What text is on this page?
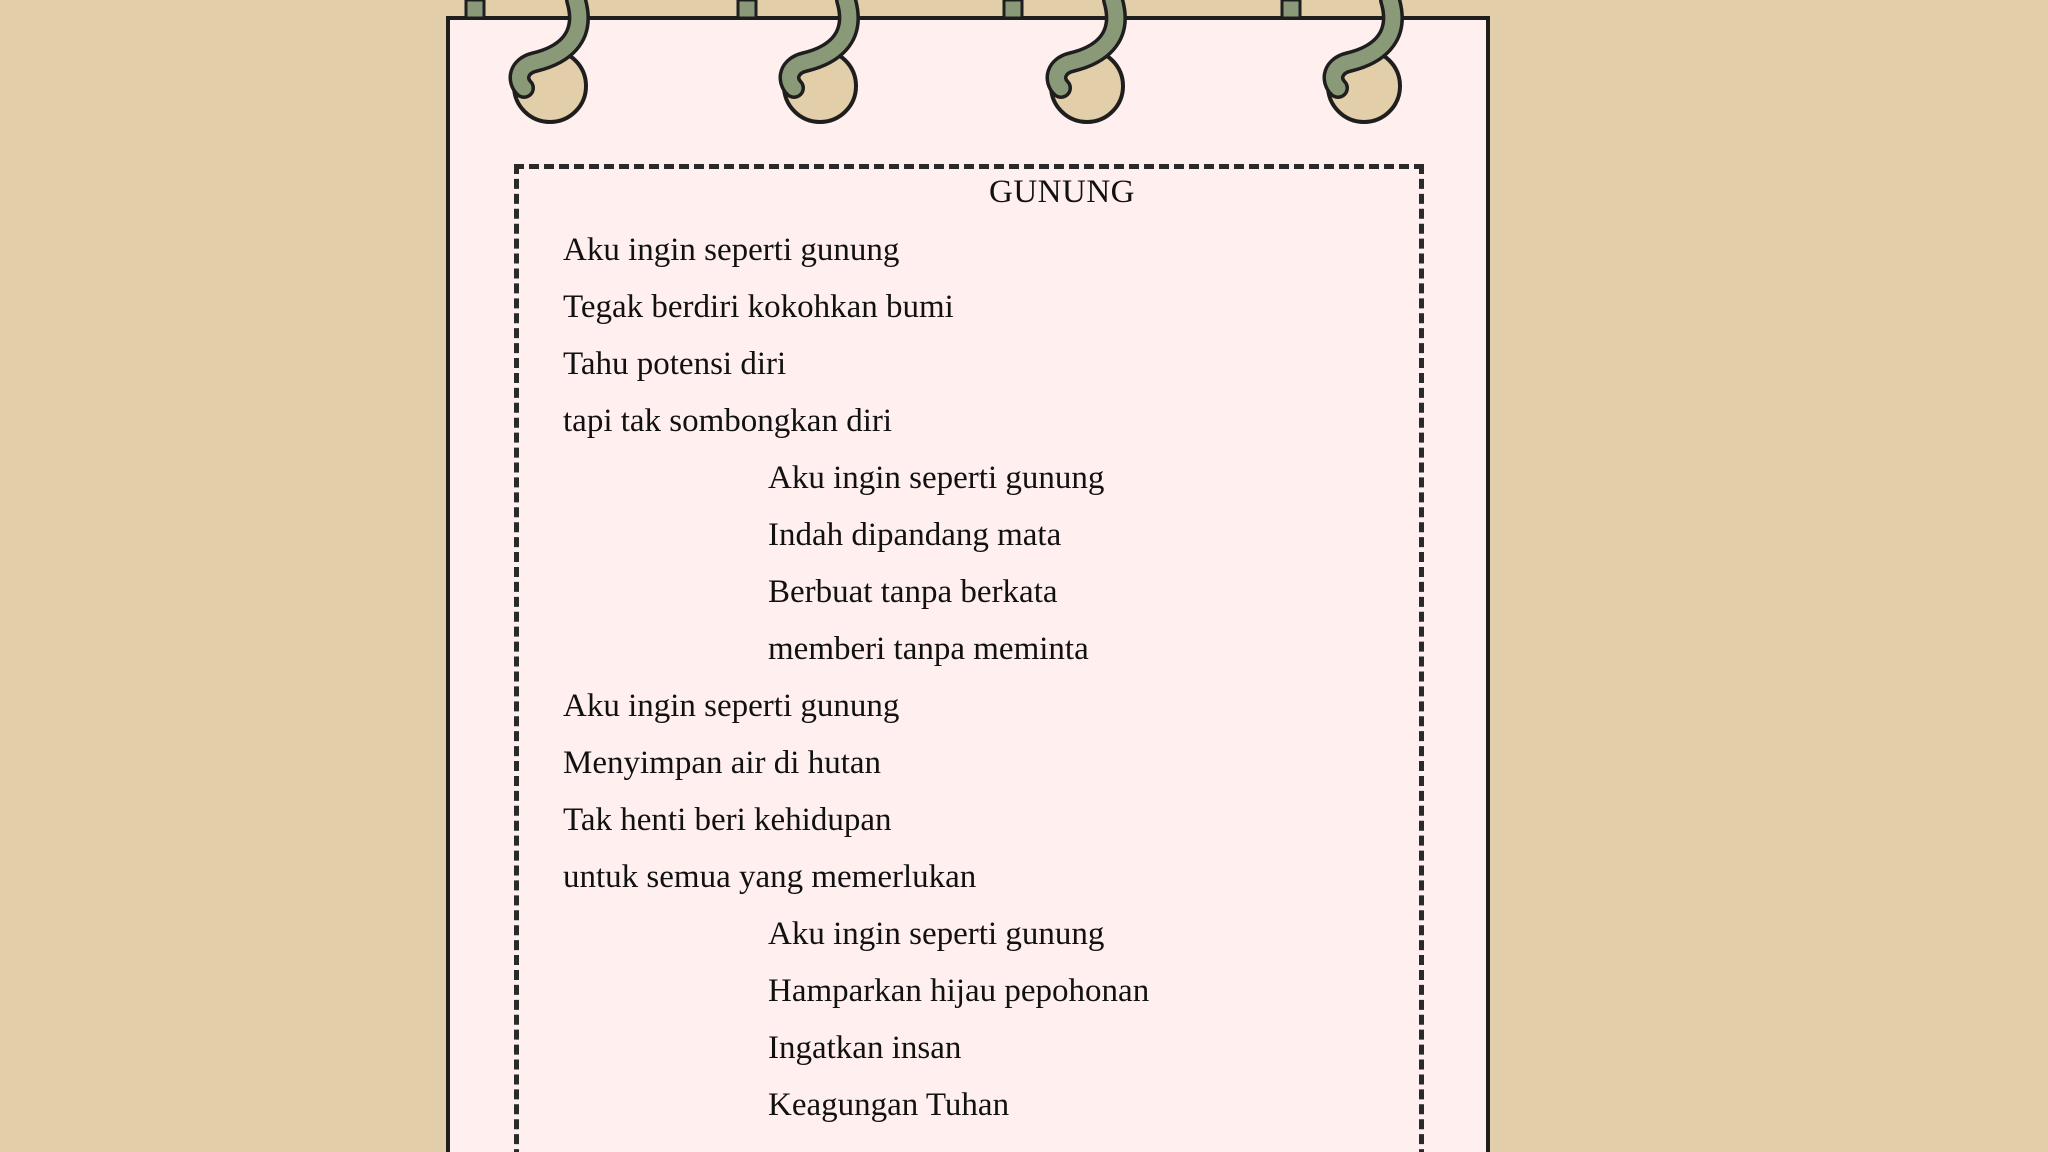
GUNUNG
Aku ingin seperti gunung
Tegak berdiri kokohkan bumi
Tahu potensi diri
tapi tak sombongkan diri
Aku ingin seperti gunung
Indah dipandang mata
Berbuat tanpa berkata
memberi tanpa meminta
Aku ingin seperti gunung
Menyimpan air di hutan
Tak henti beri kehidupan
untuk semua yang memerlukan
Aku ingin seperti gunung
Hamparkan hijau pepohonan
Ingatkan insan
Keagungan Tuhan
